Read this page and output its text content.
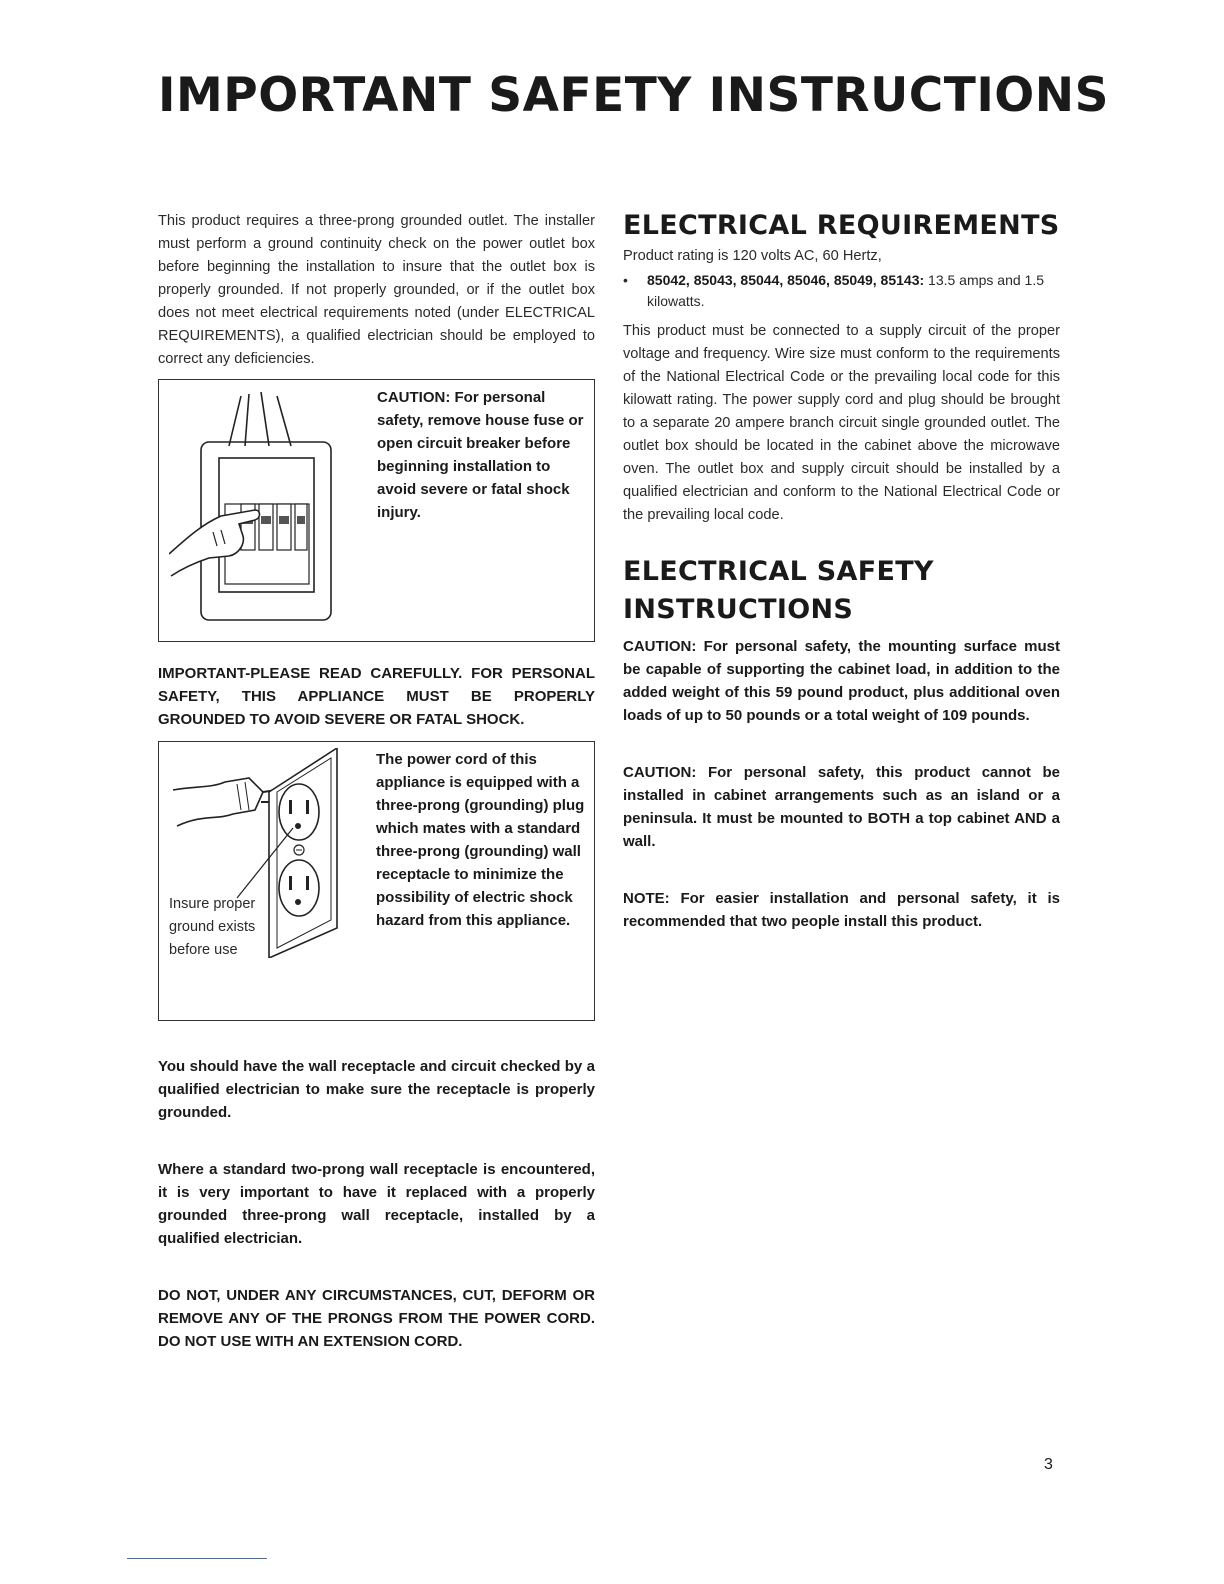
IMPORTANT SAFETY INSTRUCTIONS

This product requires a three-prong grounded outlet. The installer must perform a ground continuity check on the power outlet box before beginning the installation to insure that the outlet box is properly grounded. If not properly grounded, or if the outlet box does not meet electrical requirements noted (under ELECTRICAL REQUIREMENTS), a qualified electrician should be employed to correct any deficiencies.

CAUTION: For personal safety, remove house fuse or open circuit breaker before beginning installation to avoid severe or fatal shock injury.

IMPORTANT-PLEASE READ CAREFULLY. FOR PERSONAL SAFETY, THIS APPLIANCE MUST BE PROPERLY GROUNDED TO AVOID SEVERE OR FATAL SHOCK.

Insure proper ground exists before use
The power cord of this appliance is equipped with a three-prong (grounding) plug which mates with a standard three-prong (grounding) wall receptacle to minimize the possibility of electric shock hazard from this appliance.

You should have the wall receptacle and circuit checked by a qualified electrician to make sure the receptacle is properly grounded.

Where a standard two-prong wall receptacle is encountered, it is very important to have it replaced with a properly grounded three-prong wall receptacle, installed by a qualified electrician.

DO NOT, UNDER ANY CIRCUMSTANCES, CUT, DEFORM OR REMOVE ANY OF THE PRONGS FROM THE POWER CORD. DO NOT USE WITH AN EXTENSION CORD.

ELECTRICAL REQUIREMENTS

Product rating is 120 volts AC, 60 Hertz,

• 85042, 85043, 85044, 85046, 85049, 85143: 13.5 amps and 1.5 kilowatts.

This product must be connected to a supply circuit of the proper voltage and frequency. Wire size must conform to the requirements of the National Electrical Code or the prevailing local code for this kilowatt rating. The power supply cord and plug should be brought to a separate 20 ampere branch circuit single grounded outlet. The outlet box should be located in the cabinet above the microwave oven. The outlet box and supply circuit should be installed by a qualified electrician and conform to the National Electrical Code or the prevailing local code.

ELECTRICAL SAFETY
INSTRUCTIONS

CAUTION: For personal safety, the mounting surface must be capable of supporting the cabinet load, in addition to the added weight of this 59 pound product, plus additional oven loads of up to 50 pounds or a total weight of 109 pounds.

CAUTION: For personal safety, this product cannot be installed in cabinet arrangements such as an island or a peninsula. It must be mounted to BOTH a top cabinet AND a wall.

NOTE: For easier installation and personal safety, it is recommended that two people install this product.

3
